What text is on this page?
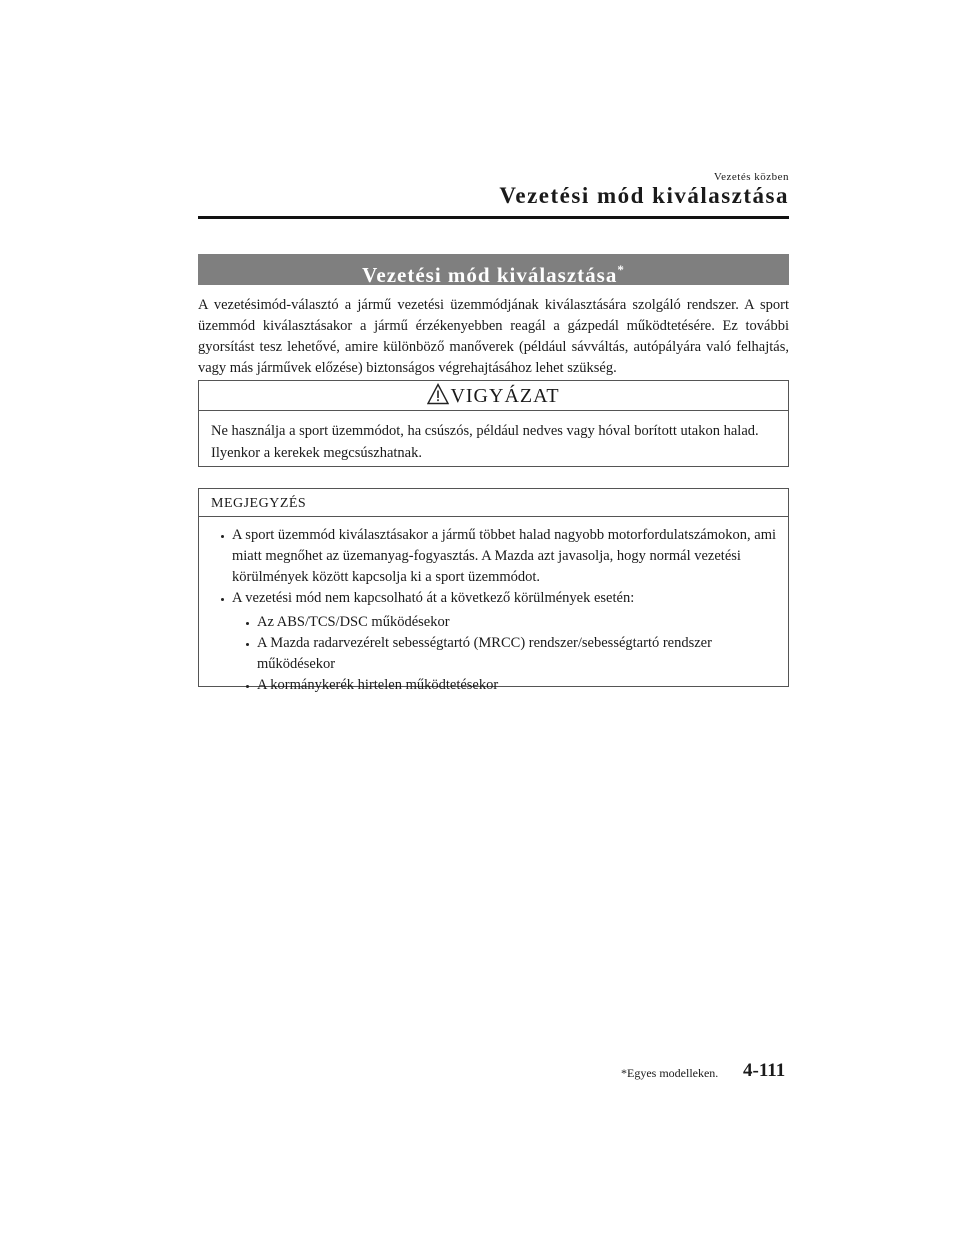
Vezetés közben
Vezetési mód kiválasztása
Vezetési mód kiválasztása*

A vezetésimód-választó a jármű vezetési üzemmódjának kiválasztására szolgáló rendszer. A sport üzemmód kiválasztásakor a jármű érzékenyebben reagál a gázpedál működtetésére. Ez további gyorsítást tesz lehetővé, amire különböző manőverek (például sávváltás, autópályára való felhajtás, vagy más járművek előzése) biztonságos végrehajtásához lehet szükség.

VIGYÁZAT

Ne használja a sport üzemmódot, ha csúszós, például nedves vagy hóval borított utakon halad. Ilyenkor a kerekek megcsúszhatnak.

MEGJEGYZÉS
A sport üzemmód kiválasztásakor a jármű többet halad nagyobb motorfordulatszámokon, ami miatt megnőhet az üzemanyag-fogyasztás. A Mazda azt javasolja, hogy normál vezetési körülmények között kapcsolja ki a sport üzemmódot.
A vezetési mód nem kapcsolható át a következő körülmények esetén:
Az ABS/TCS/DSC működésekor
A Mazda radarvezérelt sebességtartó (MRCC) rendszer/sebességtartó rendszer működésekor
A kormánykerék hirtelen működtetésekor
*Egyes modelleken. 4-111
